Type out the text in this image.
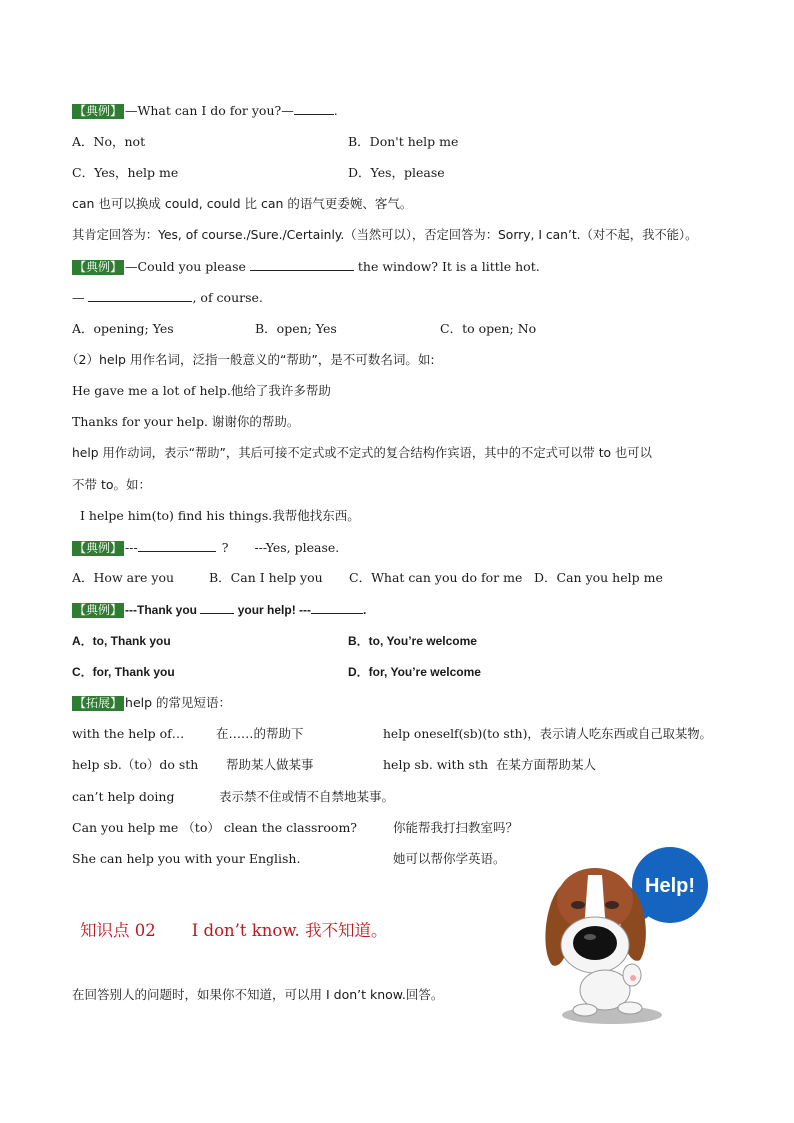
【典例】 —What can I do for you?—	.
A．No，not	B．Don't help me
C．Yes，help me	D．Yes，please
can 也可以换成 could, could 比 can 的语气更委婉、客气。
其肯定回答为：Yes, of course./Sure./Certainly.（当然可以），否定回答为：Sorry, I can’t.（对不起，我不能）。
【典例】 —Could you please	the window? It is a little hot.
—	, of course.
A．opening; Yes	B．open; Yes	C．to open; No
（2）help 用作名词，泛指一般意义的“帮助”，是不可数名词。如:
He gave me a lot of help.他给了我许多帮助
Thanks for your help. 谢谢你的帮助。
help 用作动词，表示“帮助”，其后可接不定式或不定式的复合结构作宾语，其中的不定式可以带 to 也可以
不带 to。如：
I helpe him(to) find his things.我帮他找东西。
【典例】 ---	? ---Yes, please.
A．How are you	B．Can I help you C．What can you do for me D．Can you help me
【典例】 ---Thank you	your help! ---	.
A．to, Thank you	B．to, You’re welcome
C．for, Thank you	D．for, You’re welcome
【拓展】 help 的常见短语：
with the help of…	在……的帮助下	help oneself(sb)(to sth)，表示请人吃东西或自己取某物。
help sb.（to）do sth 帮助某人做某事	help sb. with sth 在某方面帮助某人
can’t help doing	表示禁不住或情不自禁地某事。
Can you help me （to） clean the classroom?	你能帮我打扫教室吗？
She can help you with your English.	她可以帮你学英语。
知识点 02 I don’t know. 我不知道。
在回答别人的问题时，如果你不知道，可以用 I don’t know.回答。
Help!
